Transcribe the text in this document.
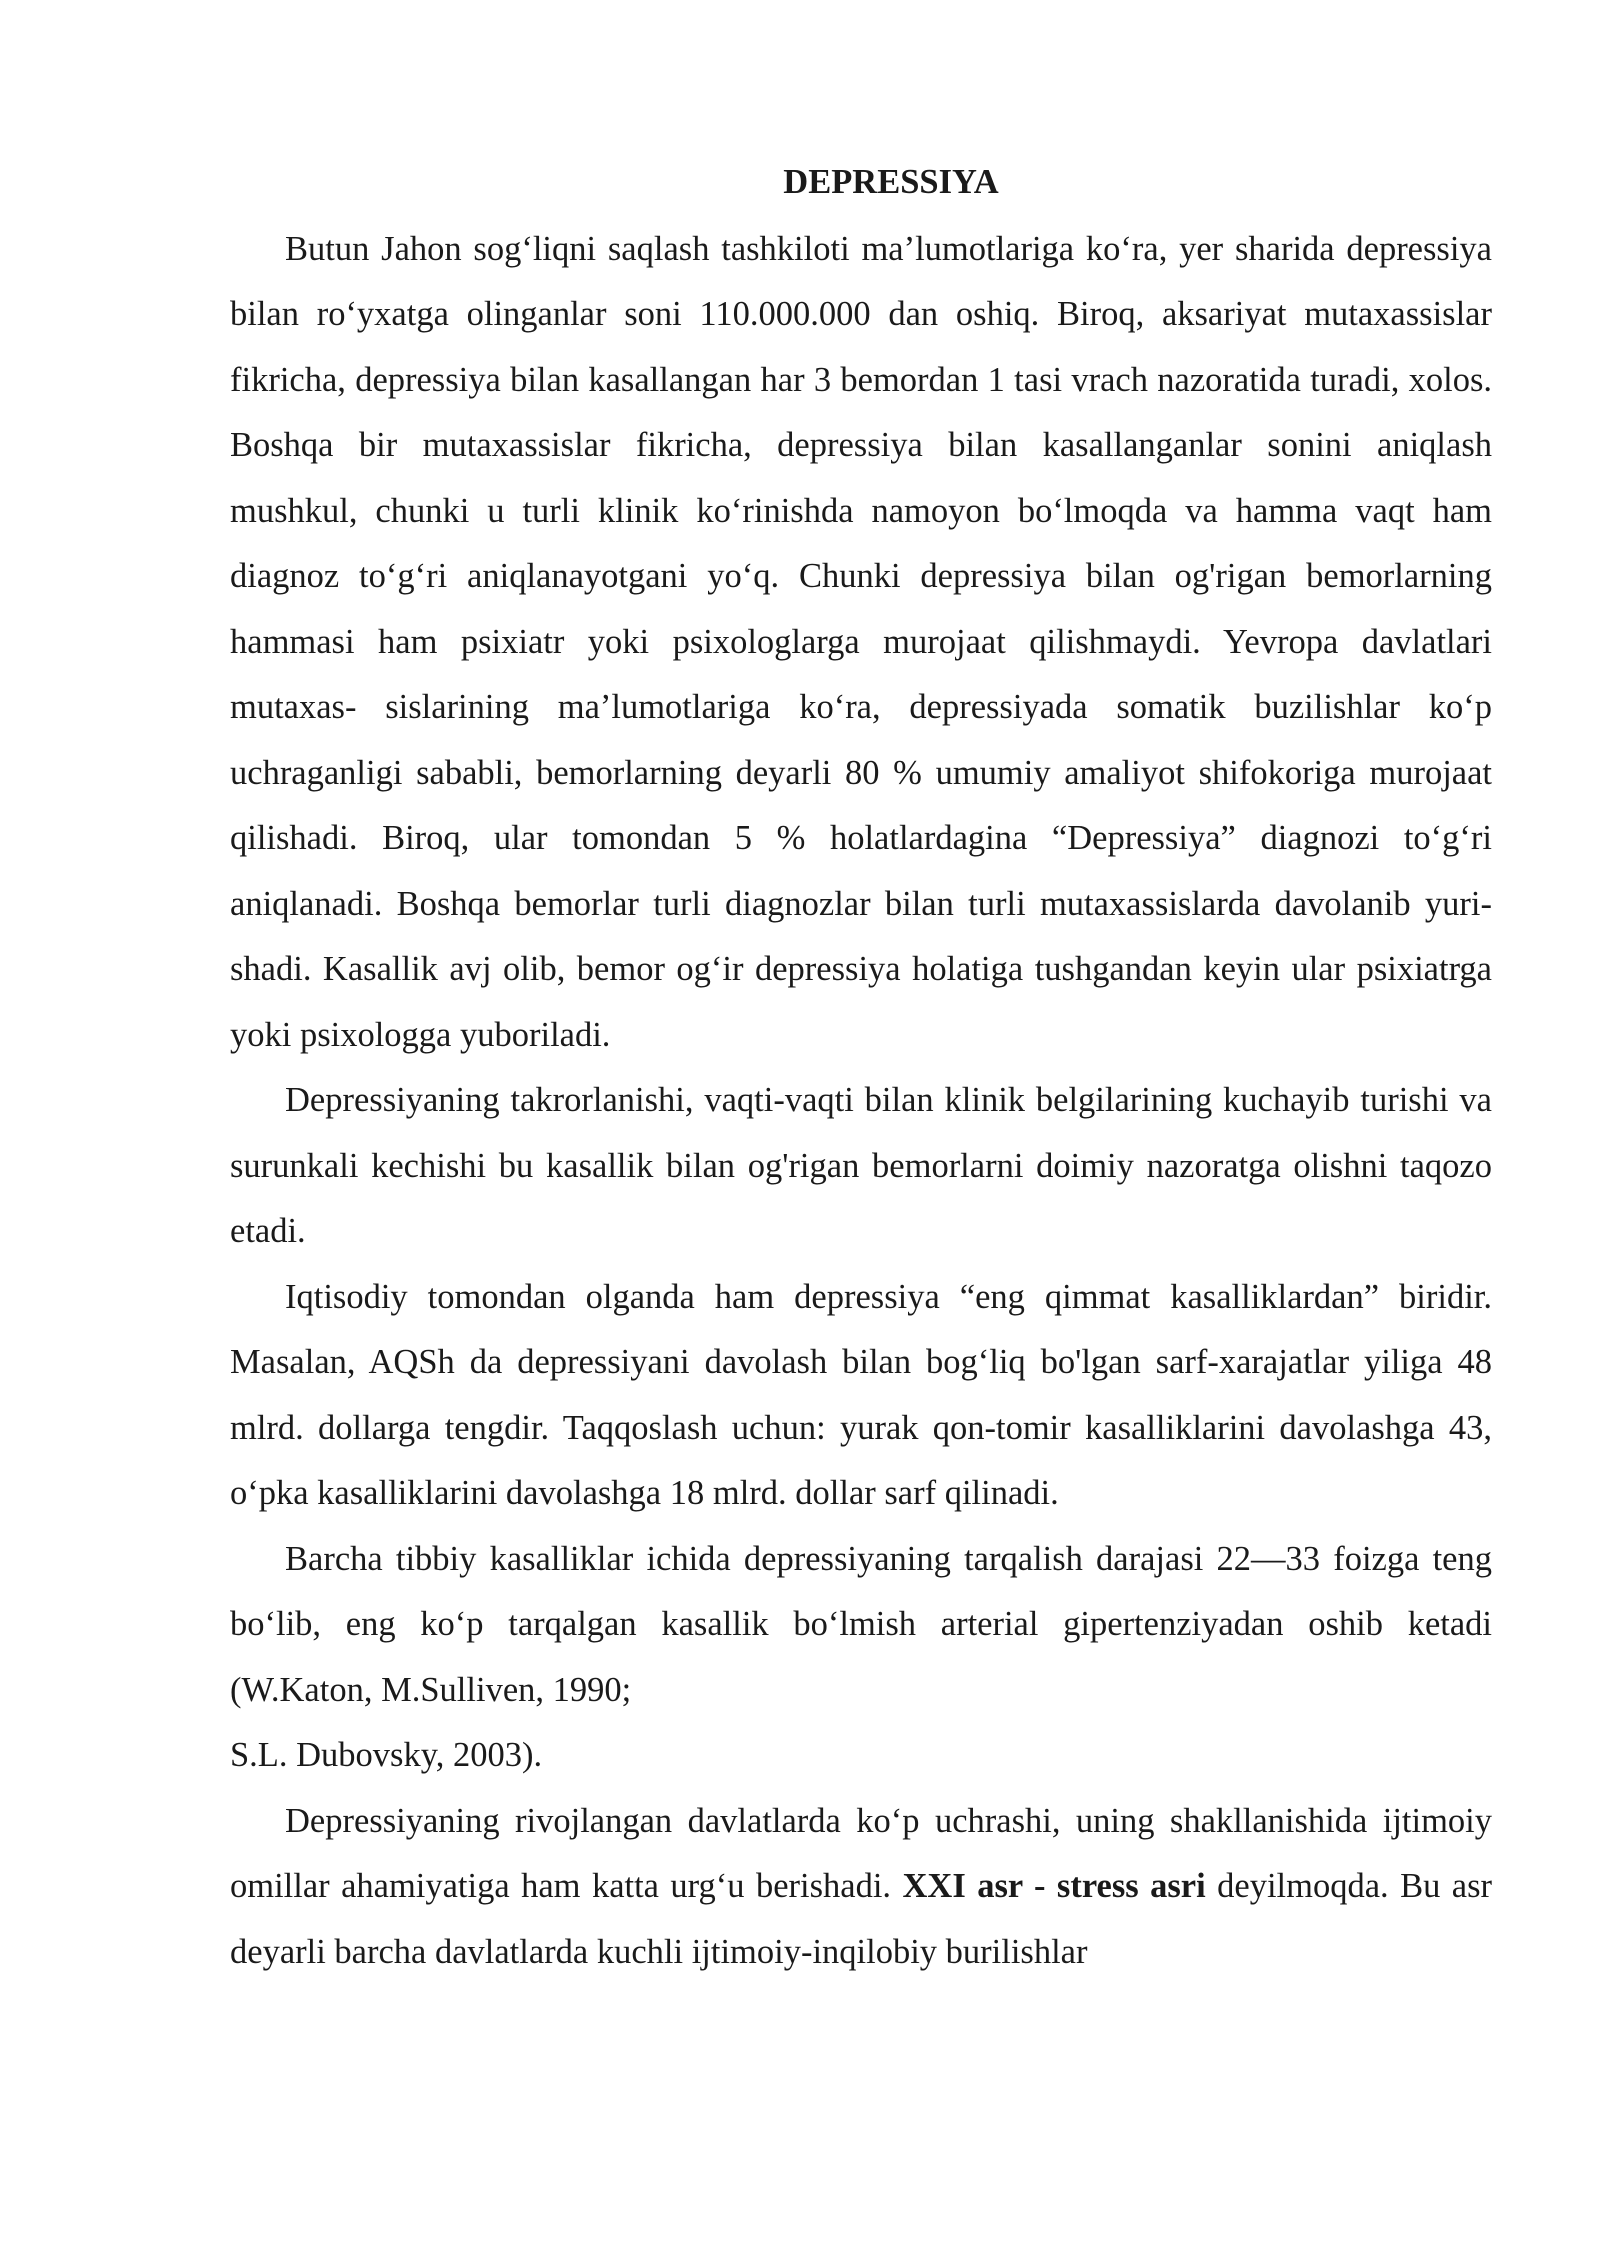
DEPRESSIYA

Butun Jahon sog‘liqni saqlash tashkiloti ma’lumotlariga ko‘ra, yer sharida depressiya bilan ro‘yxatga olinganlar soni 110.000.000 dan oshiq. Biroq, aksariyat mutaxassislar fikricha, depressiya bilan kasallangan har 3 bemordan 1 tasi vrach nazoratida turadi, xolos. Boshqa bir mutaxassislar fikricha, depressiya bilan kasallanganlar sonini aniqlash mushkul, chunki u turli klinik ko‘rinishda namoyon bo‘lmoqda va hamma vaqt ham diagnoz to‘g‘ri aniqlanayotgani yo‘q. Chunki depressiya bilan og'rigan bemorlarning hammasi ham psixiatr yoki psixologlarga murojaat qilishmaydi. Yevropa davlatlari mutaxas- sislarining ma’lumotlariga ko‘ra, depressiyada somatik buzilishlar ko‘p uchraganligi sababli, bemorlarning deyarli 80 % umumiy amaliyot shifokoriga murojaat qilishadi. Biroq, ular tomondan 5 % holatlardagina “Depressiya” diagnozi to‘g‘ri aniqlanadi. Boshqa bemorlar turli diagnozlar bilan turli mutaxassislarda davolanib yuri- shadi. Kasallik avj olib, bemor og‘ir depressiya holatiga tushgandan keyin ular psixiatrga yoki psixologga yuboriladi.

Depressiyaning takrorlanishi, vaqti-vaqti bilan klinik belgilarining kuchayib turishi va surunkali kechishi bu kasallik bilan og'rigan bemorlarni doimiy nazoratga olishni taqozo etadi.

Iqtisodiy tomondan olganda ham depressiya “eng qimmat kasalliklardan” biridir. Masalan, AQSh da depressiyani davolash bilan bog‘liq bo'lgan sarf-xarajatlar yiliga 48 mlrd. dollarga tengdir. Taqqoslash uchun: yurak qon-tomir kasalliklarini davolashga 43, o‘pka kasalliklarini davolashga 18 mlrd. dollar sarf qilinadi.

Barcha tibbiy kasalliklar ichida depressiyaning tarqalish darajasi 22—33 foizga teng bo‘lib, eng ko‘p tarqalgan kasallik bo‘lmish arterial gipertenziyadan oshib ketadi (W.Katon, M.Sulliven, 1990;

S.L. Dubovsky, 2003).

Depressiyaning rivojlangan davlatlarda ko‘p uchrashi, uning shakllanishida ijtimoiy omillar ahamiyatiga ham katta urg‘u berishadi. XXI asr - stress asri deyilmoqda. Bu asr deyarli barcha davlatlarda kuchli ijtimoiy-inqilobiy burilishlar
